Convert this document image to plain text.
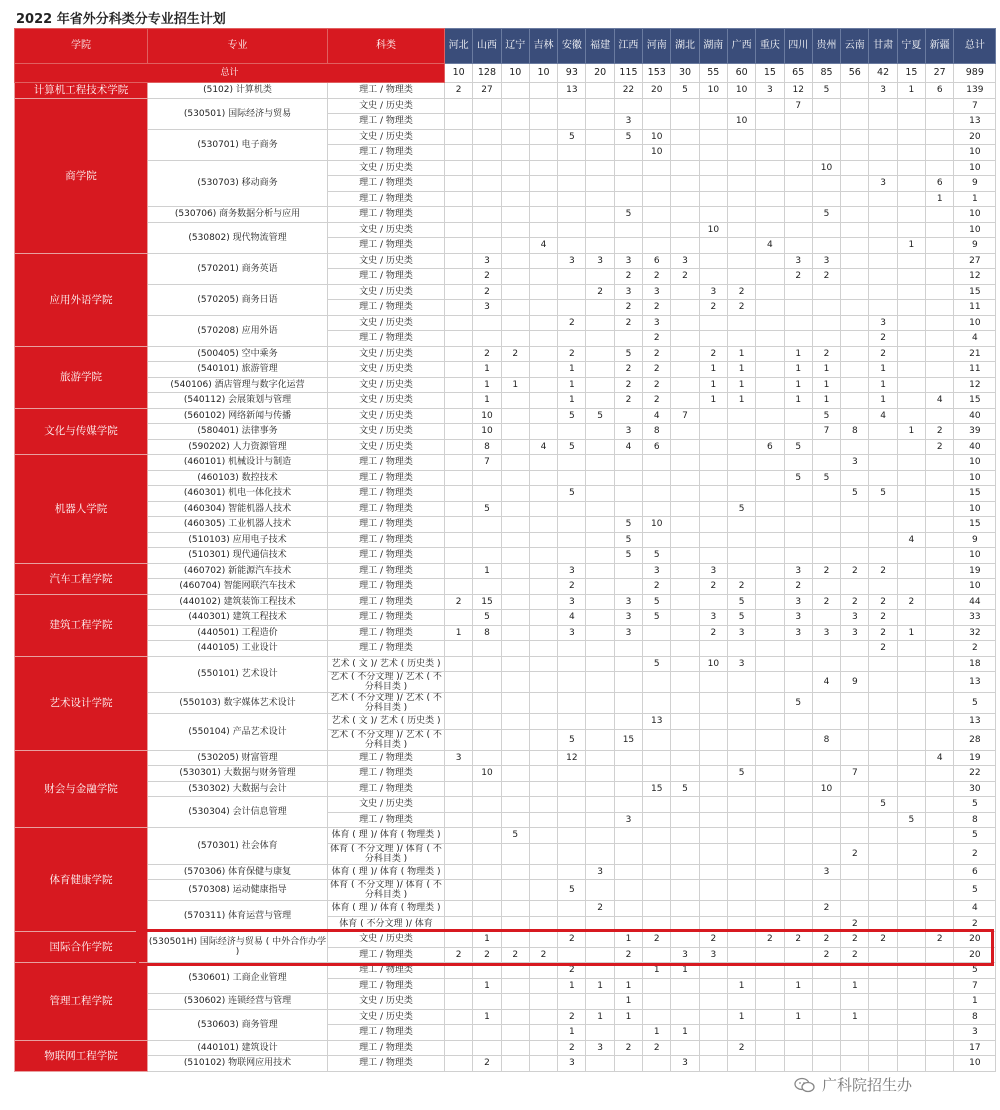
2022 年省外分科类分专业招生计划
学院	专业	科类	河北	山西	辽宁	吉林	安徽	福建	江西	河南	湖北	湖南	广西	重庆	四川	贵州	云南	甘肃	宁夏	新疆	总计
总计			10	128	10	10	93	20	115	153	30	55	60	15	65	85	56	42	15	27	989
计算机工程技术学院	(5102) 计算机类	理工 / 物理类	2	27			13		22	20	5	10	10	3	12	5		3	1	6	139
商学院	(530501) 国际经济与贸易	文史 / 历史类													7						7
		理工 / 物理类							3				10								13
	(530701) 电子商务	文史 / 历史类					5		5	10											20
		理工 / 物理类								10											10
	(530703) 移动商务	文史 / 历史类														10					10
		理工 / 物理类																3		6	9
		理工 / 物理类																		1	1
	(530706) 商务数据分析与应用	理工 / 物理类							5							5					10
	(530802) 现代物流管理	文史 / 历史类										10									10
		理工 / 物理类				4								4					1		9
应用外语学院	(570201) 商务英语	文史 / 历史类		3			3	3	3	6	3				3	3					27
		理工 / 物理类		2					2	2	2				2	2					12
	(570205) 商务日语	文史 / 历史类		2				2	3	3		3	2								15
		理工 / 物理类		3					2	2		2	2								11
	(570208) 应用外语	文史 / 历史类					2		2	3								3			10
		理工 / 物理类								2								2			4
旅游学院	(500405) 空中乘务	文史 / 历史类		2	2		2		5	2		2	1		1	2		2			21
	(540101) 旅游管理	文史 / 历史类		1			1		2	2		1	1		1	1		1			11
	(540106) 酒店管理与数字化运营	文史 / 历史类		1	1		1		2	2		1	1		1	1		1			12
	(540112) 会展策划与管理	文史 / 历史类		1			1		2	2		1	1		1	1		1		4	15
文化与传媒学院	(560102) 网络新闻与传播	文史 / 历史类		10			5	5		4	7					5		4			40
	(580401) 法律事务	文史 / 历史类		10					3	8						7	8		1	2	39
	(590202) 人力资源管理	文史 / 历史类		8		4	5		4	6				6	5					2	40
机器人学院	(460101) 机械设计与制造	理工 / 物理类		7													3				10
	(460103) 数控技术	理工 / 物理类													5	5					10
	(460301) 机电一体化技术	理工 / 物理类					5										5	5			15
	(460304) 智能机器人技术	理工 / 物理类		5									5								10
	(460305) 工业机器人技术	理工 / 物理类							5	10											15
	(510103) 应用电子技术	理工 / 物理类							5										4		9
	(510301) 现代通信技术	理工 / 物理类							5	5											10
汽车工程学院	(460702) 新能源汽车技术	理工 / 物理类		1			3			3		3			3	2	2	2			19
	(460704) 智能网联汽车技术	理工 / 物理类					2			2		2	2		2						10
建筑工程学院	(440102) 建筑装饰工程技术	理工 / 物理类	2	15			3		3	5			5		3	2	2	2	2		44
	(440301) 建筑工程技术	理工 / 物理类		5			4		3	5		3	5		3		3	2			33
	(440501) 工程造价	理工 / 物理类	1	8			3		3			2	3		3	3	3	2	1		32
	(440105) 工业设计	理工 / 物理类																2			2
艺术设计学院	(550101) 艺术设计	艺术 ( 文 )/ 艺术 ( 历史类 )								5		10	3								18
		艺术 ( 不分文理 )/ 艺术 ( 不分科目类 )														4	9				13
	(550103) 数字媒体艺术设计	艺术 ( 不分文理 )/ 艺术 ( 不分科目类 )													5						5
	(550104) 产品艺术设计	艺术 ( 文 )/ 艺术 ( 历史类 )								13											13
		艺术 ( 不分文理 )/ 艺术 ( 不分科目类 )					5		15							8					28
财会与金融学院	(530205) 财富管理	理工 / 物理类	3				12													4	19
	(530301) 大数据与财务管理	理工 / 物理类		10									5				7				22
	(530302) 大数据与会计	理工 / 物理类								15	5					10					30
	(530304) 会计信息管理	文史 / 历史类																5			5
		理工 / 物理类							3										5		8
体育健康学院	(570301) 社会体育	体育 ( 理 )/ 体育 ( 物理类 )			5																5
		体育 ( 不分文理 )/ 体育 ( 不分科目类 )															2				2
	(570306) 体育保健与康复	体育 ( 理 )/ 体育 ( 物理类 )						3								3					6
	(570308) 运动健康指导	体育 ( 不分文理 )/ 体育 ( 不分科目类 )					5														5
	(570311) 体育运营与管理	体育 ( 理 )/ 体育 ( 物理类 )						2								2					4
		体育 ( 不分文理 )/ 体育															2				2
国际合作学院	(530501H) 国际经济与贸易 ( 中外合作办学 )	文史 / 历史类		1			2		1	2		2		2	2	2	2	2		2	20
		理工 / 物理类	2	2	2	2			2		3	3				2	2				20
管理工程学院	(530601) 工商企业管理	理工 / 物理类					2			1	1										5
		理工 / 物理类		1			1	1	1				1		1		1				7
	(530602) 连锁经营与管理	文史 / 历史类							1												1
	(530603) 商务管理	文史 / 历史类		1			2	1	1				1		1		1				8
		理工 / 物理类					1			1	1										3
物联网工程学院	(440101) 建筑设计	理工 / 物理类					2	3	2	2			2								17
	(510102) 物联网应用技术	理工 / 物理类		2			3				3										10
广科院招生办
